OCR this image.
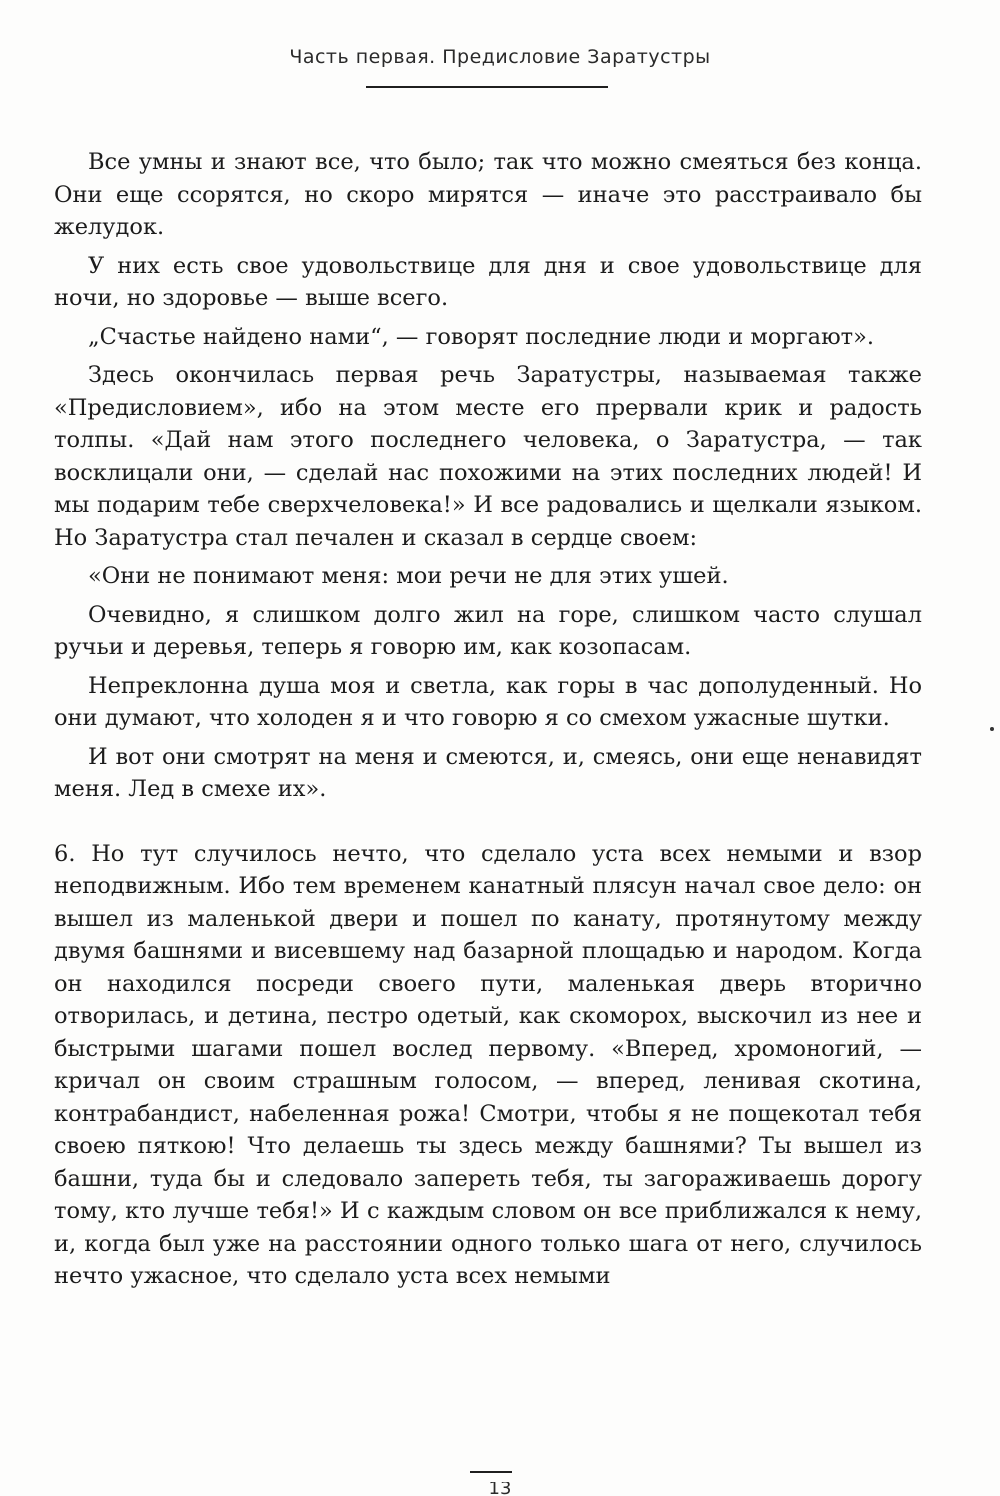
Часть первая. Предисловие Заратустры

Все умны и знают все, что было; так что можно смеяться без конца. Они еще ссорятся, но скоро мирятся — иначе это расстраивало бы желудок.

У них есть свое удовольствице для дня и свое удовольствице для ночи, но здоровье — выше всего.

„Счастье найдено нами“, — говорят последние люди и моргают».

Здесь окончилась первая речь Заратустры, называемая также «Предисловием», ибо на этом месте его прервали крик и радость толпы. «Дай нам этого последнего человека, о Заратустра, — так восклицали они, — сделай нас похожими на этих последних людей! И мы подарим тебе сверхчеловека!» И все радовались и щелкали языком. Но Заратустра стал печален и сказал в сердце своем:

«Они не понимают меня: мои речи не для этих ушей.

Очевидно, я слишком долго жил на горе, слишком часто слушал ручьи и деревья, теперь я говорю им, как козопасам.

Непреклонна душа моя и светла, как горы в час дополуденный. Но они думают, что холоден я и что говорю я со смехом ужасные шутки.

И вот они смотрят на меня и смеются, и, смеясь, они еще ненавидят меня. Лед в смехе их».

6. Но тут случилось нечто, что сделало уста всех немыми и взор неподвижным. Ибо тем временем канатный плясун начал свое дело: он вышел из маленькой двери и пошел по канату, протянутому между двумя башнями и висевшему над базарной площадью и народом. Когда он находился посреди своего пути, маленькая дверь вторично отворилась, и детина, пестро одетый, как скоморох, выскочил из нее и быстрыми шагами пошел вослед первому. «Вперед, хромоногий, — кричал он своим страшным голосом, — вперед, ленивая скотина, контрабандист, набеленная рожа! Смотри, чтобы я не пощекотал тебя своею пяткою! Что делаешь ты здесь между башнями? Ты вышел из башни, туда бы и следовало запереть тебя, ты загораживаешь дорогу тому, кто лучше тебя!» И с каждым словом он все приближался к нему, и, когда был уже на расстоянии одного только шага от него, случилось нечто ужасное, что сделало уста всех немыми

13
